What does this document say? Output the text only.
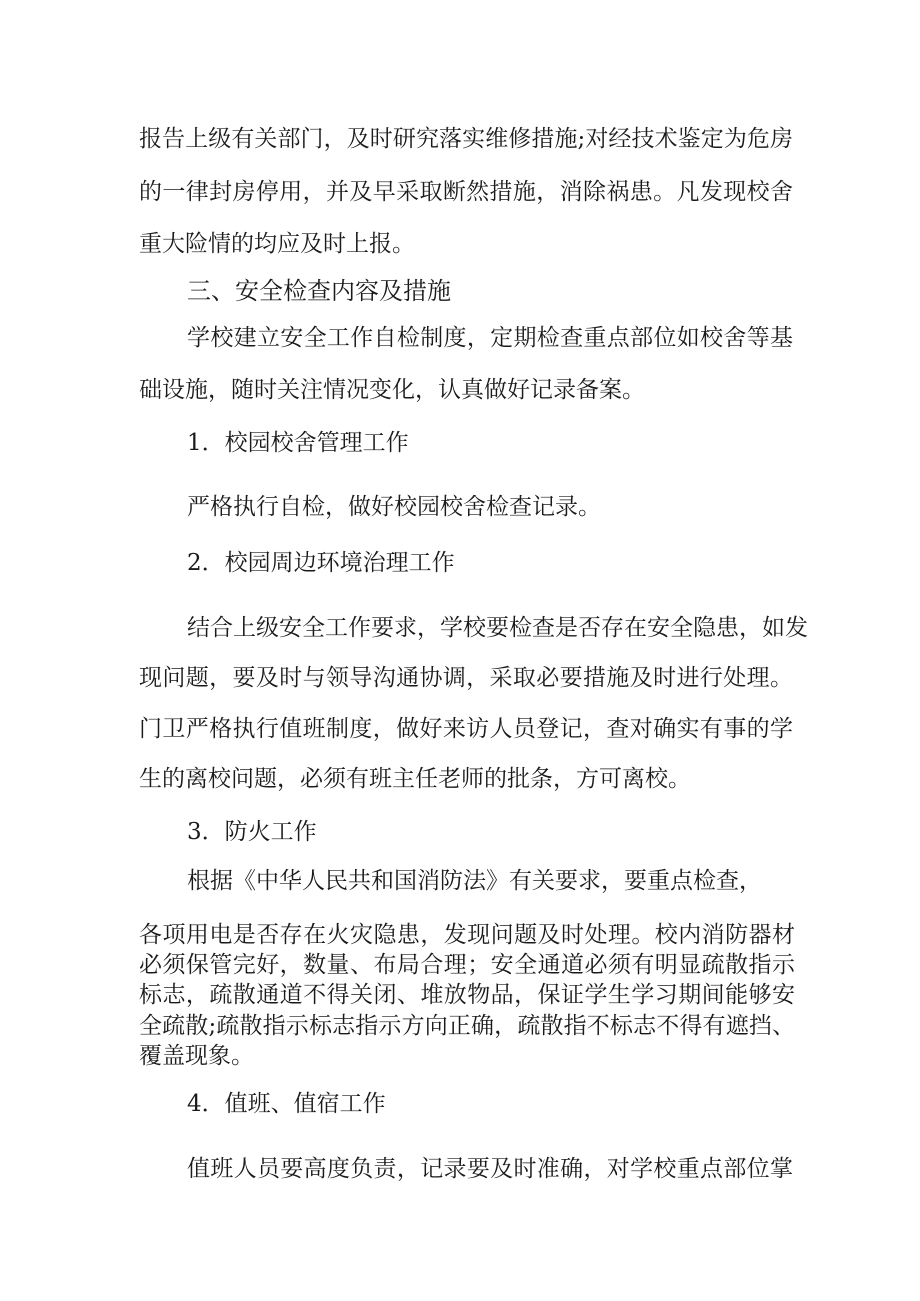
报告上级有关部门，及时研究落实维修措施;对经技术鉴定为危房
的一律封房停用，并及早采取断然措施，消除祸患。凡发现校舍
重大险情的均应及时上报。
三、安全检查内容及措施
学校建立安全工作自检制度，定期检查重点部位如校舍等基
础设施，随时关注情况变化，认真做好记录备案。
1．校园校舍管理工作
严格执行自检，做好校园校舍检查记录。
2．校园周边环境治理工作
结合上级安全工作要求，学校要检查是否存在安全隐患，如发
现问题，要及时与领导沟通协调，采取必要措施及时进行处理。
门卫严格执行值班制度，做好来访人员登记，查对确实有事的学
生的离校问题，必须有班主任老师的批条，方可离校。
3．防火工作
根据《中华人民共和国消防法》有关要求，要重点检查，
各项用电是否存在火灾隐患，发现问题及时处理。校内消防器材
必须保管完好，数量、布局合理；安全通道必须有明显疏散指示
标志，疏散通道不得关闭、堆放物品，保证学生学习期间能够安
全疏散;疏散指示标志指示方向正确，疏散指不标志不得有遮挡、
覆盖现象。
4．值班、值宿工作
值班人员要高度负责，记录要及时准确，对学校重点部位掌
